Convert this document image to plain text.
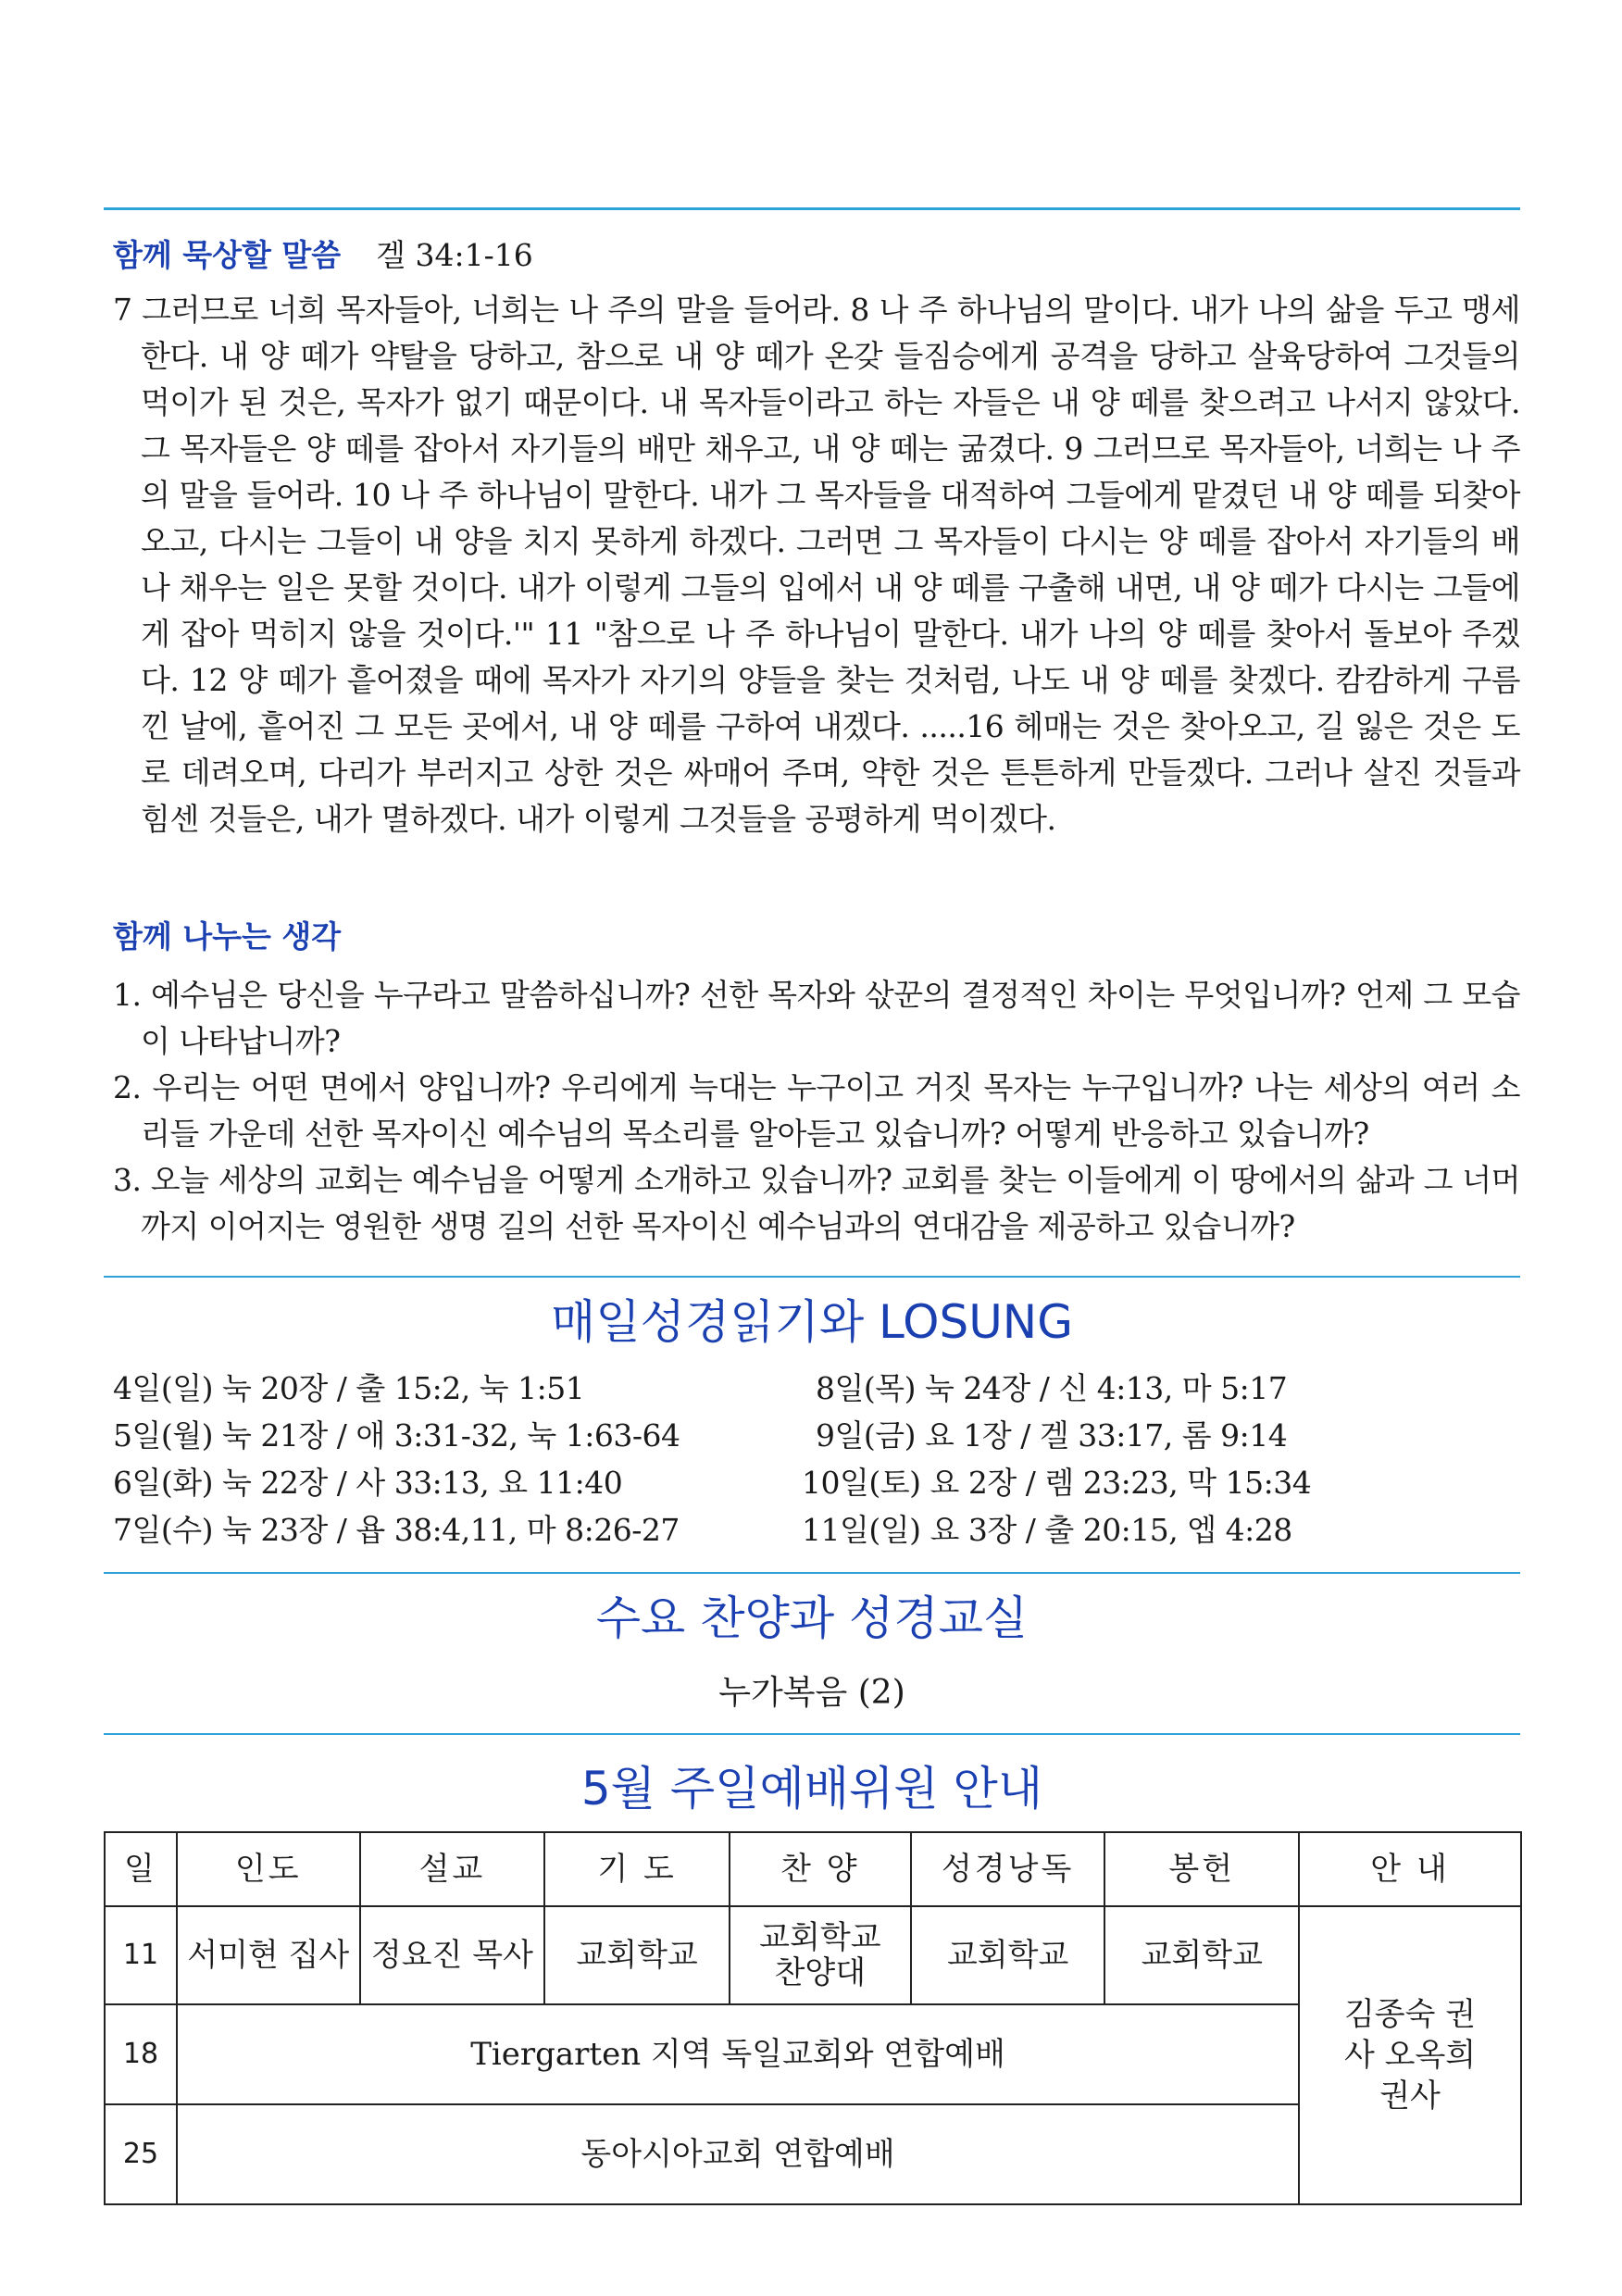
함께 묵상할 말씀 겔 34:1-16

7 그러므로 너희 목자들아, 너희는 나 주의 말을 들어라. 8 나 주 하나님의 말이다. 내가 나의 삶을 두고 맹세한다. 내 양 떼가 약탈을 당하고, 참으로 내 양 떼가 온갖 들짐승에게 공격을 당하고 살육당하여 그것들의 먹이가 된 것은, 목자가 없기 때문이다. 내 목자들이라고 하는 자들은 내 양 떼를 찾으려고 나서지 않았다. 그 목자들은 양 떼를 잡아서 자기들의 배만 채우고, 내 양 떼는 굶겼다. 9 그러므로 목자들아, 너희는 나 주의 말을 들어라. 10 나 주 하나님이 말한다. 내가 그 목자들을 대적하여 그들에게 맡겼던 내 양 떼를 되찾아 오고, 다시는 그들이 내 양을 치지 못하게 하겠다. 그러면 그 목자들이 다시는 양 떼를 잡아서 자기들의 배나 채우는 일은 못할 것이다. 내가 이렇게 그들의 입에서 내 양 떼를 구출해 내면, 내 양 떼가 다시는 그들에게 잡아 먹히지 않을 것이다.'" 11 "참으로 나 주 하나님이 말한다. 내가 나의 양 떼를 찾아서 돌보아 주겠다. 12 양 떼가 흩어졌을 때에 목자가 자기의 양들을 찾는 것처럼, 나도 내 양 떼를 찾겠다. 캄캄하게 구름 낀 날에, 흩어진 그 모든 곳에서, 내 양 떼를 구하여 내겠다. .....16 헤매는 것은 찾아오고, 길 잃은 것은 도로 데려오며, 다리가 부러지고 상한 것은 싸매어 주며, 약한 것은 튼튼하게 만들겠다. 그러나 살진 것들과 힘센 것들은, 내가 멸하겠다. 내가 이렇게 그것들을 공평하게 먹이겠다.

함께 나누는 생각

1. 예수님은 당신을 누구라고 말씀하십니까? 선한 목자와 삯꾼의 결정적인 차이는 무엇입니까? 언제 그 모습이 나타납니까?

2. 우리는 어떤 면에서 양입니까? 우리에게 늑대는 누구이고 거짓 목자는 누구입니까? 나는 세상의 여러 소리들 가운데 선한 목자이신 예수님의 목소리를 알아듣고 있습니까? 어떻게 반응하고 있습니까?

3. 오늘 세상의 교회는 예수님을 어떻게 소개하고 있습니까? 교회를 찾는 이들에게 이 땅에서의 삶과 그 너머까지 이어지는 영원한 생명 길의 선한 목자이신 예수님과의 연대감을 제공하고 있습니까?

매일성경읽기와 LOSUNG
4일(일) 눅 20장 / 출 15:2, 눅 1:51
5일(월) 눅 21장 / 애 3:31-32, 눅 1:63-64
6일(화) 눅 22장 / 사 33:13, 요 11:40
7일(수) 눅 23장 / 욥 38:4,11, 마 8:26-27
8일(목) 눅 24장 / 신 4:13, 마 5:17
9일(금) 요 1장 / 겔 33:17, 롬 9:14
10일(토) 요 2장 / 렘 23:23, 막 15:34
11일(일) 요 3장 / 출 20:15, 엡 4:28
수요 찬양과 성경교실
누가복음 (2)
5월 주일예배위원 안내
일	인도	설교	기 도	찬 양	성경낭독	봉헌	안 내
11	서미현 집사	정요진 목사	교회학교	교회학교 찬양대	교회학교	교회학교	김종숙 권사 오옥희 권사

18	Tiergarten 지역 독일교회와 연합예배						
25	동아시아교회 연합예배						
